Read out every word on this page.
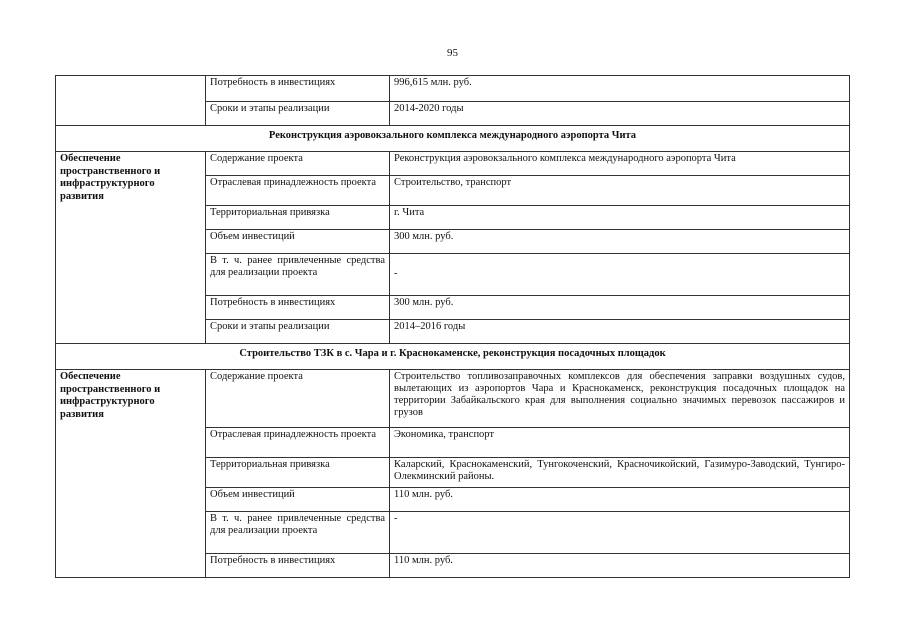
95
	Потребность в инвестициях	996,615 млн. руб.
	Сроки и этапы реализации	2014-2020 годы
Реконструкция аэровокзального комплекса международного аэропорта Чита		
Обеспечение пространственного и инфраструктурного развития	Содержание проекта	Реконструкция аэровокзального комплекса международного аэропорта Чита
	Отраслевая принадлежность проекта	Строительство, транспорт
	Территориальная привязка	г. Чита
	Объем инвестиций	300 млн. руб.
	В т. ч. ранее привлеченные средства для реализации проекта	-
	Потребность в инвестициях	300 млн. руб.
	Сроки и этапы реализации	2014–2016 годы
Строительство ТЗК в с. Чара и г. Краснокаменске, реконструкция посадочных площадок		
Обеспечение пространственного и инфраструктурного развития	Содержание проекта	Строительство топливозаправочных комплексов для обеспечения заправки воздушных судов, вылетающих из аэропортов Чара и Краснокаменск, реконструкция посадочных площадок на территории Забайкальского края для выполнения социально значимых перевозок пассажиров и грузов
	Отраслевая принадлежность проекта	Экономика, транспорт
	Территориальная привязка	Каларский, Краснокаменский, Тунгокоченский, Красночикойский, Газимуро-Заводский, Тунгиро-Олекминский районы.
	Объем инвестиций	110 млн. руб.
	В т. ч. ранее привлеченные средства для реализации проекта	-
	Потребность в инвестициях	110 млн. руб.
